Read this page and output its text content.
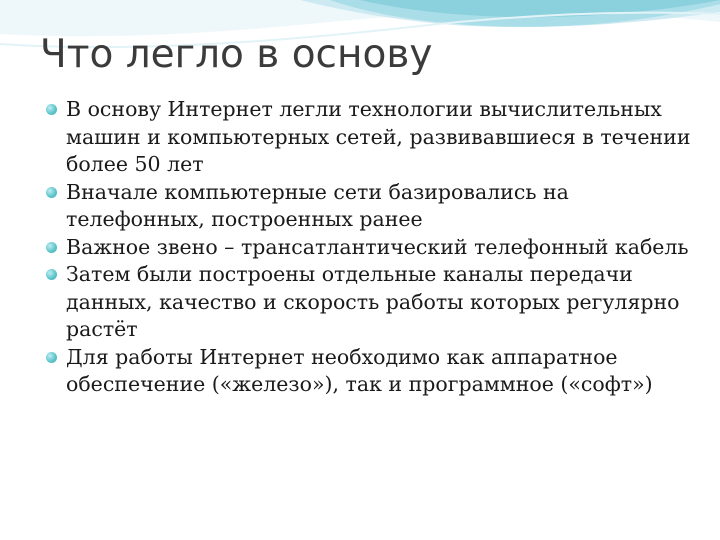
Что легло в основу
В основу Интернет легли технологии вычислительных машин и компьютерных сетей, развивавшиеся в течении более 50 лет
Вначале компьютерные сети базировались на телефонных, построенных ранее
Важное звено – трансатлантический телефонный кабель
Затем были построены отдельные каналы передачи данных, качество и скорость работы которых регулярно растёт
Для работы Интернет необходимо как аппаратное обеспечение («железо»), так и программное («софт»)
